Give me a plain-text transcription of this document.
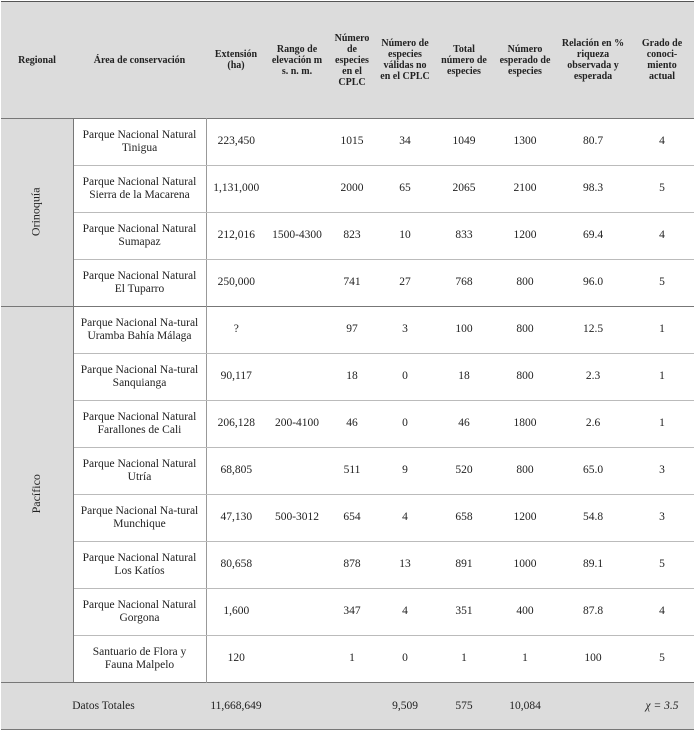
Regional	Área de conservación	Extensión (ha)	Rango de elevación m s. n. m.	Número de especies en el CPLC	Número de especies válidas no en el CPLC	Total número de especies	Número esperado de especies	Relación en % riqueza observada y esperada	Grado de conoci-miento actual
Orinoquía	Parque Nacional Natural Tinigua	223,450		1015	34	1049	1300	80.7	4
	Parque Nacional Natural Sierra de la Macarena	1,131,000		2000	65	2065	2100	98.3	5
	Parque Nacional Natural Sumapaz	212,016	1500-4300	823	10	833	1200	69.4	4
	Parque Nacional Natural El Tuparro	250,000		741	27	768	800	96.0	5
Pacífico	Parque Nacional Na-tural Uramba Bahía Málaga	?		97	3	100	800	12.5	1
	Parque Nacional Na-tural Sanquianga	90,117		18	0	18	800	2.3	1
	Parque Nacional Natural Farallones de Cali	206,128	200-4100	46	0	46	1800	2.6	1
	Parque Nacional Natural Utría	68,805		511	9	520	800	65.0	3
	Parque Nacional Na-tural Munchique	47,130	500-3012	654	4	658	1200	54.8	3
	Parque Nacional Natural Los Katíos	80,658		878	13	891	1000	89.1	5
	Parque Nacional Natural Gorgona	1,600		347	4	351	400	87.8	4
	Santuario de Flora y Fauna Malpelo	120		1	0	1	1	100	5
Datos Totales		11,668,649			9,509	575	10,084		χ = 3.5
